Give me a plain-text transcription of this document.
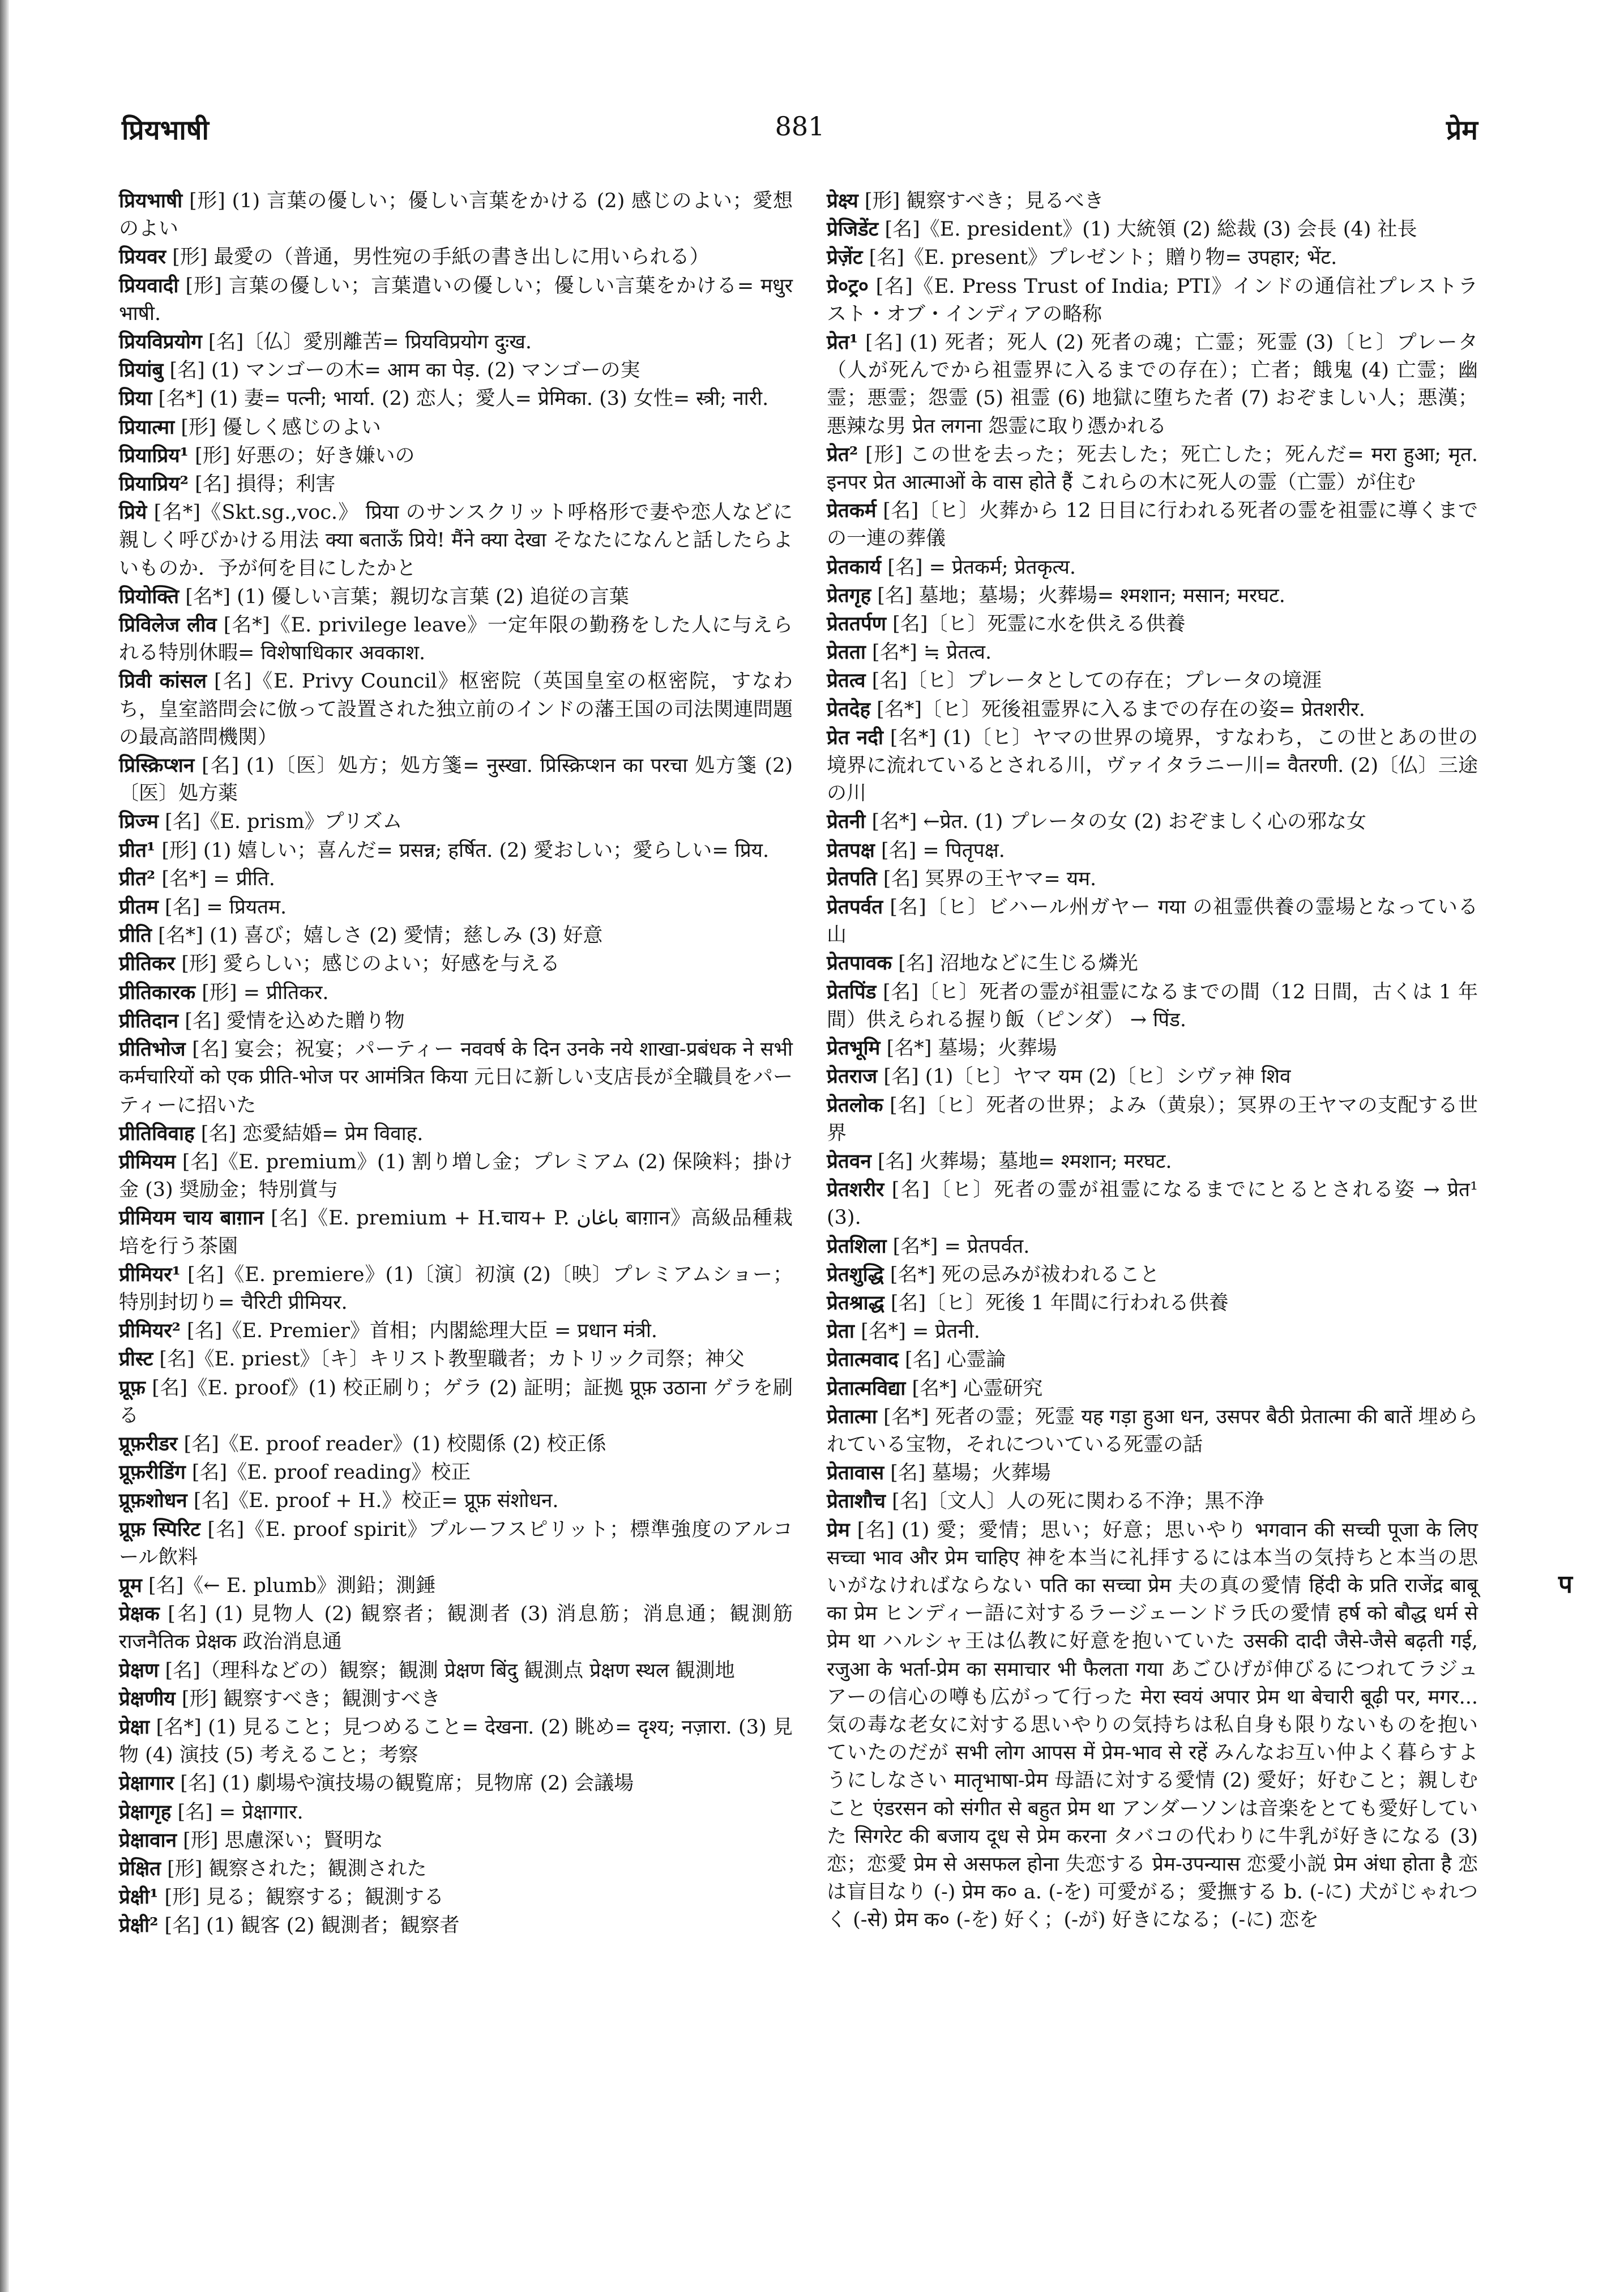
प्रियभाषी	881	प्रेम

प्रियभाषी [形] (1) 言葉の優しい；優しい言葉をかける (2) 感じのよい；愛想のよい

प्रियवर [形] 最愛の（普通，男性宛の手紙の書き出しに用いられる）

प्रियवादी [形] 言葉の優しい；言葉遣いの優しい；優しい言葉をかける= मधुर भाषी.

प्रियविप्रयोग [名]〔仏〕愛別離苦= प्रियविप्रयोग दुःख.

प्रियांबु [名] (1) マンゴーの木= आम का पेड़. (2) マンゴーの実

प्रिया [名*] (1) 妻= पत्नी; भार्या. (2) 恋人；愛人= प्रेमिका. (3) 女性= स्त्री; नारी.

प्रियात्मा [形] 優しく感じのよい

प्रियाप्रिय¹ [形] 好悪の；好き嫌いの

प्रियाप्रिय² [名] 損得；利害

प्रिये [名*]《Skt.sg.,voc.》 प्रिया のサンスクリット呼格形で妻や恋人などに親しく呼びかける用法 क्या बताऊँ प्रिये! मैंने क्या देखा そなたになんと話したらよいものか．予が何を目にしたかと

प्रियोक्ति [名*] (1) 優しい言葉；親切な言葉 (2) 追従の言葉

प्रिविलेज लीव [名*]《E. privilege leave》一定年限の勤務をした人に与えられる特別休暇= विशेषाधिकार अवकाश.

प्रिवी कांसल [名]《E. Privy Council》枢密院（英国皇室の枢密院，すなわち，皇室諮問会に倣って設置された独立前のインドの藩王国の司法関連問題の最高諮問機関）

प्रिस्क्रिप्शन [名] (1)〔医〕処方；処方箋= नुस्खा. प्रिस्क्रिप्शन का परचा 処方箋 (2)〔医〕処方薬

प्रिज्म [名]《E. prism》プリズム

प्रीत¹ [形] (1) 嬉しい；喜んだ= प्रसन्न; हर्षित. (2) 愛おしい；愛らしい= प्रिय.

प्रीत² [名*] = प्रीति.

प्रीतम [名] = प्रियतम.

प्रीति [名*] (1) 喜び；嬉しさ (2) 愛情；慈しみ (3) 好意

प्रीतिकर [形] 愛らしい；感じのよい；好感を与える

प्रीतिकारक [形] = प्रीतिकर.

प्रीतिदान [名] 愛情を込めた贈り物

प्रीतिभोज [名] 宴会；祝宴；パーティー नववर्ष के दिन उनके नये शाखा-प्रबंधक ने सभी कर्मचारियों को एक प्रीति-भोज पर आमंत्रित किया 元日に新しい支店長が全職員をパーティーに招いた

प्रीतिविवाह [名] 恋愛結婚= प्रेम विवाह.

प्रीमियम [名]《E. premium》(1) 割り増し金；プレミアム (2) 保険料；掛け金 (3) 奨励金；特別賞与

प्रीमियम चाय बाग़ान [名]《E. premium + H.चाय+ P. باغان बाग़ान》高級品種栽培を行う茶園

प्रीमियर¹ [名]《E. premiere》(1)〔演〕初演 (2)〔映〕プレミアムショー；特別封切り= चैरिटी प्रीमियर.

प्रीमियर² [名]《E. Premier》首相；内閣総理大臣 = प्रधान मंत्री.

प्रीस्ट [名]《E. priest》〔キ〕キリスト教聖職者；カトリック司祭；神父

प्रूफ़ [名]《E. proof》(1) 校正刷り；ゲラ (2) 証明；証拠 प्रूफ़ उठाना ゲラを刷る

प्रूफ़रीडर [名]《E. proof reader》(1) 校閲係 (2) 校正係

प्रूफ़रीडिंग [名]《E. proof reading》校正

प्रूफ़शोधन [名]《E. proof + H.》校正= प्रूफ़ संशोधन.

प्रूफ़ स्पिरिट [名]《E. proof spirit》プルーフスピリット；標準強度のアルコール飲料

प्रूम [名]《← E. plumb》測鉛；測錘

प्रेक्षक [名] (1) 見物人 (2) 観察者；観測者 (3) 消息筋；消息通；観測筋 राजनैतिक प्रेक्षक 政治消息通

प्रेक्षण [名]（理科などの）観察；観測 प्रेक्षण बिंदु 観測点 प्रेक्षण स्थल 観測地

प्रेक्षणीय [形] 観察すべき；観測すべき

प्रेक्षा [名*] (1) 見ること；見つめること= देखना. (2) 眺め= दृश्य; नज़ारा. (3) 見物 (4) 演技 (5) 考えること；考察

प्रेक्षागार [名] (1) 劇場や演技場の観覧席；見物席 (2) 会議場

प्रेक्षागृह [名] = प्रेक्षागार.

प्रेक्षावान [形] 思慮深い；賢明な

प्रेक्षित [形] 観察された；観測された

प्रेक्षी¹ [形] 見る；観察する；観測する

प्रेक्षी² [名] (1) 観客 (2) 観測者；観察者

प्रेक्ष्य [形] 観察すべき；見るべき

प्रेजिडेंट [名]《E. president》(1) 大統領 (2) 総裁 (3) 会長 (4) 社長

प्रेज़ेंट [名]《E. present》プレゼント；贈り物= उपहार; भेंट.

प्रे०ट्र० [名]《E. Press Trust of India; PTI》インドの通信社プレストラスト・オブ・インディアの略称

प्रेत¹ [名] (1) 死者；死人 (2) 死者の魂；亡霊；死霊 (3)〔ヒ〕プレータ（人が死んでから祖霊界に入るまでの存在）；亡者；餓鬼 (4) 亡霊；幽霊；悪霊；怨霊 (5) 祖霊 (6) 地獄に堕ちた者 (7) おぞましい人；悪漢；悪辣な男 प्रेत लगना 怨霊に取り憑かれる

प्रेत² [形] この世を去った；死去した；死亡した；死んだ= मरा हुआ; मृत. इनपर प्रेत आत्माओं के वास होते हैं これらの木に死人の霊（亡霊）が住む

प्रेतकर्म [名]〔ヒ〕火葬から 12 日目に行われる死者の霊を祖霊に導くまでの一連の葬儀

प्रेतकार्य [名] = प्रेतकर्म; प्रेतकृत्य.

प्रेतगृह [名] 墓地；墓場；火葬場= श्मशान; मसान; मरघट.

प्रेततर्पण [名]〔ヒ〕死霊に水を供える供養

प्रेतता [名*] ≒ प्रेतत्व.

प्रेतत्व [名]〔ヒ〕プレータとしての存在；プレータの境涯

प्रेतदेह [名*]〔ヒ〕死後祖霊界に入るまでの存在の姿= प्रेतशरीर.

प्रेत नदी [名*] (1)〔ヒ〕ヤマの世界の境界，すなわち，この世とあの世の境界に流れているとされる川，ヴァイタラニー川= वैतरणी. (2)〔仏〕三途の川

प्रेतनी [名*] ←प्रेत. (1) プレータの女 (2) おぞましく心の邪な女

प्रेतपक्ष [名] = पितृपक्ष.

प्रेतपति [名] 冥界の王ヤマ= यम.

प्रेतपर्वत [名]〔ヒ〕ビハール州ガヤー गया の祖霊供養の霊場となっている山

प्रेतपावक [名] 沼地などに生じる燐光

प्रेतपिंड [名]〔ヒ〕死者の霊が祖霊になるまでの間（12 日間，古くは 1 年間）供えられる握り飯（ピンダ） → पिंड.

प्रेतभूमि [名*] 墓場；火葬場

प्रेतराज [名] (1)〔ヒ〕ヤマ यम (2)〔ヒ〕シヴァ神 शिव

प्रेतलोक [名]〔ヒ〕死者の世界；よみ（黄泉）；冥界の王ヤマの支配する世界

प्रेतवन [名] 火葬場；墓地= श्मशान; मरघट.

प्रेतशरीर [名]〔ヒ〕死者の霊が祖霊になるまでにとるとされる姿 → प्रेत¹ (3).

प्रेतशिला [名*] = प्रेतपर्वत.

प्रेतशुद्धि [名*] 死の忌みが祓われること

प्रेतश्राद्ध [名]〔ヒ〕死後 1 年間に行われる供養

प्रेता [名*] = प्रेतनी.

प्रेतात्मवाद [名] 心霊論

प्रेतात्मविद्या [名*] 心霊研究

प्रेतात्मा [名*] 死者の霊；死霊 यह गड़ा हुआ धन, उसपर बैठी प्रेतात्मा की बातें 埋められている宝物，それについている死霊の話

प्रेतावास [名] 墓場；火葬場

प्रेताशौच [名]〔文人〕人の死に関わる不浄；黒不浄

प्रेम [名] (1) 愛；愛情；思い；好意；思いやり भगवान की सच्ची पूजा के लिए सच्चा भाव और प्रेम चाहिए 神を本当に礼拝するには本当の気持ちと本当の思いがなければならない पति का सच्चा प्रेम 夫の真の愛情 हिंदी के प्रति राजेंद्र बाबू का प्रेम ヒンディー語に対するラージェーンドラ氏の愛情 हर्ष को बौद्ध धर्म से प्रेम था ハルシャ王は仏教に好意を抱いていた उसकी दादी जैसे-जैसे बढ़ती गई, रजुआ के भर्ता-प्रेम का समाचार भी फैलता गया あごひげが伸びるにつれてラジュアーの信心の噂も広がって行った मेरा स्वयं अपार प्रेम था बेचारी बूढ़ी पर, मगर... 気の毒な老女に対する思いやりの気持ちは私自身も限りないものを抱いていたのだが सभी लोग आपस में प्रेम-भाव से रहें みんなお互い仲よく暮らすようにしなさい मातृभाषा-प्रेम 母語に対する愛情 (2) 愛好；好むこと；親しむこと एंडरसन को संगीत से बहुत प्रेम था アンダーソンは音楽をとても愛好していた सिगरेट की बजाय दूध से प्रेम करना タバコの代わりに牛乳が好きになる (3) 恋；恋愛 प्रेम से असफल होना 失恋する प्रेम-उपन्यास 恋愛小説 प्रेम अंधा होता है 恋は盲目なり (-) प्रेम क० a. (-を) 可愛がる；愛撫する b. (-に) 犬がじゃれつく (-से) प्रेम क० (-を) 好く；(-が) 好きになる；(-に) 恋を

प
